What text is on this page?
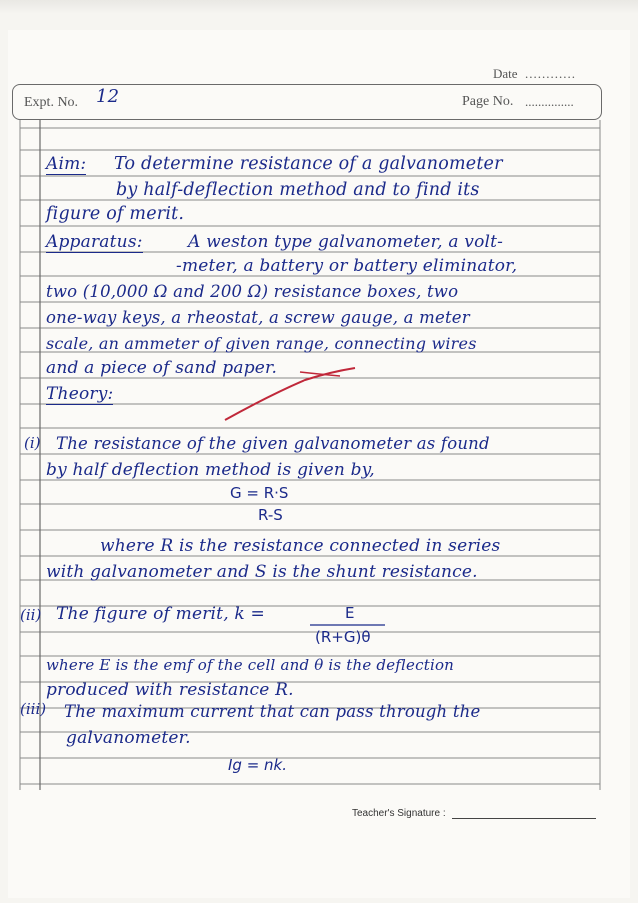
Date ............
Expt. No. 12	Page No. ...............
Aim: To determine resistance of a galvanometer
by half-deflection method and to find its
figure of merit.
Apparatus:	A weston type galvanometer, a volt-
-meter, a battery or battery eliminator,
two (10,000 Ω and 200 Ω) resistance boxes, two
one-way keys, a rheostat, a screw gauge, a meter
scale, an ammeter of given range, connecting wires
and a piece of sand paper.
Theory:
(i) The resistance of the given galvanometer as found
by half deflection method is given by,
G = R·S
R-S
where R is the resistance connected in series
with galvanometer and S is the shunt resistance.
(ii) The figure of merit, k =	E
(R+G)θ
where E is the emf of the cell and θ is the deflection
produced with resistance R.
(iii) The maximum current that can pass through the
galvanometer.
Ig = nk.
Teacher's Signature :
